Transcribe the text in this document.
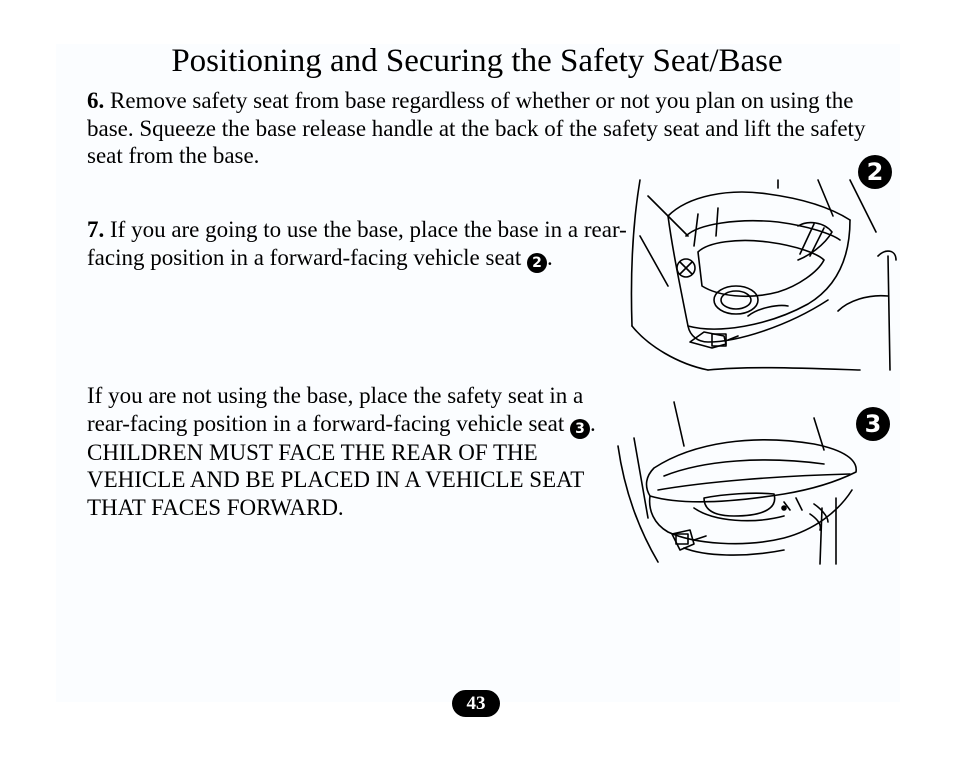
Positioning and Securing the Safety Seat/Base

6. Remove safety seat from base regardless of whether or not you plan on using the base. Squeeze the base release handle at the back of the safety seat and lift the safety seat from the base.

7. If you are going to use the base, place the base in a rear-facing position in a forward-facing vehicle seat 2 .

If you are not using the base, place the safety seat in a rear-facing position in a forward-facing vehicle seat 3 . CHILDREN MUST FACE THE REAR OF THE VEHICLE AND BE PLACED IN A VEHICLE SEAT THAT FACES FORWARD.

2
3
43
